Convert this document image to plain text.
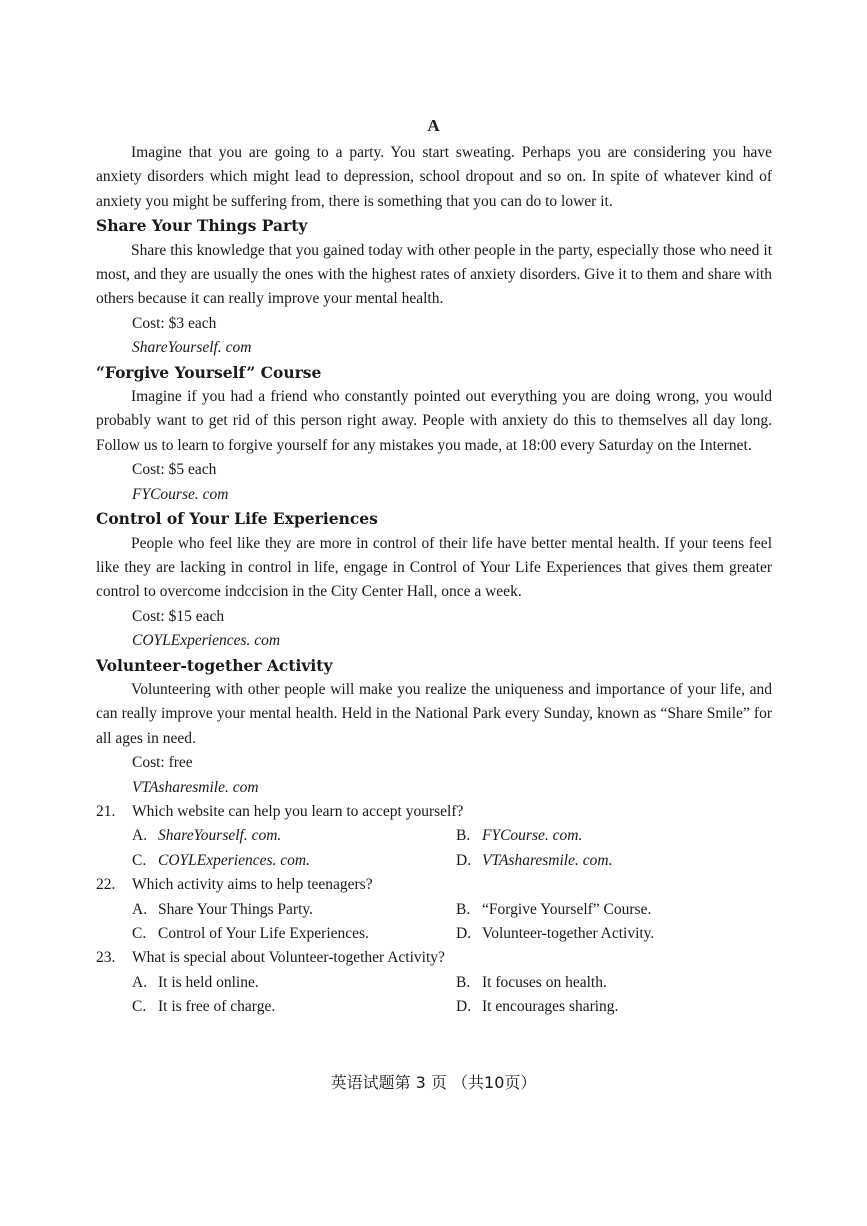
A

Imagine that you are going to a party. You start sweating. Perhaps you are considering you have anxiety disorders which might lead to depression, school dropout and so on. In spite of whatever kind of anxiety you might be suffering from, there is something that you can do to lower it.

Share Your Things Party

Share this knowledge that you gained today with other people in the party, especially those who need it most, and they are usually the ones with the highest rates of anxiety disorders. Give it to them and share with others because it can really improve your mental health.

Cost: $3 each

ShareYourself. com

“Forgive Yourself” Course

Imagine if you had a friend who constantly pointed out everything you are doing wrong, you would probably want to get rid of this person right away. People with anxiety do this to themselves all day long. Follow us to learn to forgive yourself for any mistakes you made, at 18:00 every Saturday on the Internet.

Cost: $5 each

FYCourse. com

Control of Your Life Experiences

People who feel like they are more in control of their life have better mental health. If your teens feel like they are lacking in control in life, engage in Control of Your Life Experiences that gives them greater control to overcome indccision in the City Center Hall, once a week.

Cost: $15 each

COYLExperiences. com

Volunteer-together Activity

Volunteering with other people will make you realize the uniqueness and importance of your life, and can really improve your mental health. Held in the National Park every Sunday, known as “Share Smile” for all ages in need.

Cost: free

VTAsharesmile. com

21. Which website can help you learn to accept yourself?

A. ShareYourself. com.	B. FYCourse. com.
C. COYLExperiences. com.	D. VTAsharesmile. com.

22. Which activity aims to help teenagers?

A. Share Your Things Party.	B. “Forgive Yourself” Course.
C. Control of Your Life Experiences.	D. Volunteer-together Activity.

23. What is special about Volunteer-together Activity?

A. It is held online.	B. It focuses on health.
C. It is free of charge.	D. It encourages sharing.
英语试题第 3 页 （共10页）
